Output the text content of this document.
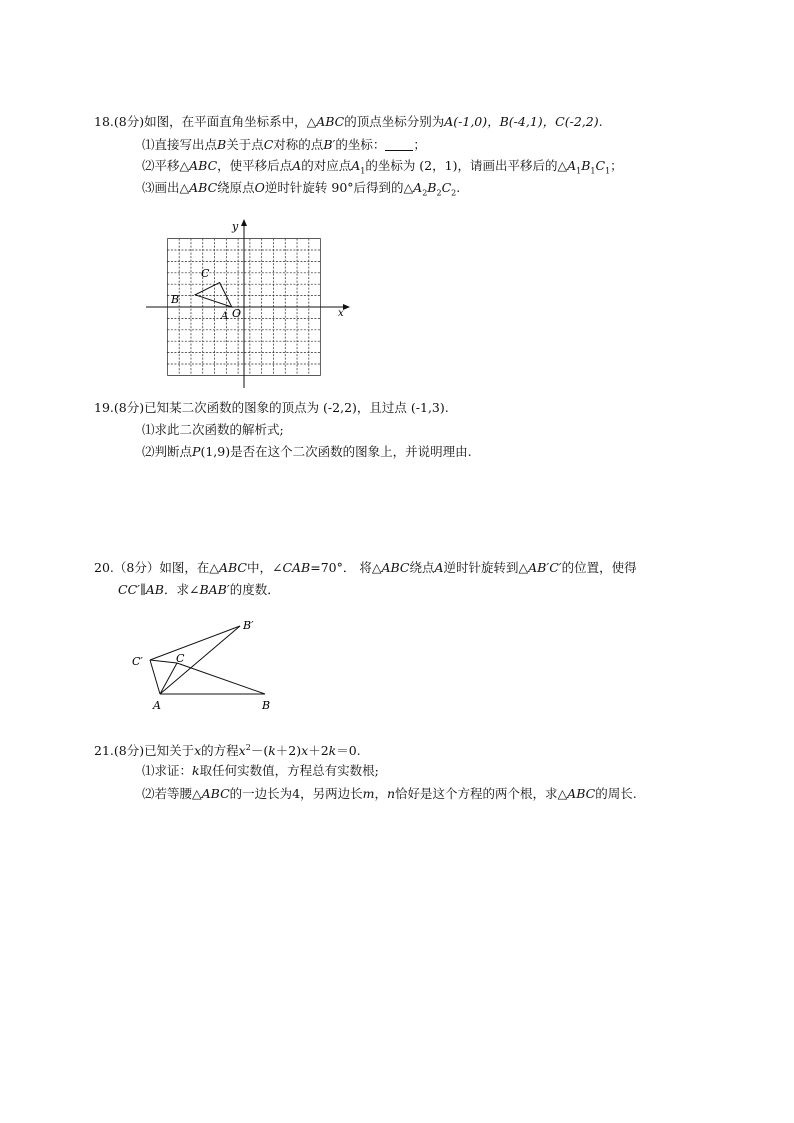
18.(8分)如图，在平面直角坐标系中，△ABC的顶点坐标分别为A(-1,0)，B(-4,1)，C(-2,2).
⑴直接写出点B关于点C对称的点B′的坐标： ；
⑵平移△ABC，使平移后点A的对应点$A_1$的坐标为 (2，1)，请画出平移后的$\triangle A_1B_1C_1$；
⑶画出△ABC绕原点O逆时针旋转 90°后得到的$\triangle A_2B_2C_2$.
y
x
O
A
B
C
19.(8分)已知某二次函数的图象的顶点为 (-2,2)，且过点 (-1,3).
⑴求此二次函数的解析式;
⑵判断点P(1,9)是否在这个二次函数的图象上，并说明理由.
20.（8分）如图，在△ABC中，∠CAB=70°． 将△ABC绕点A逆时针旋转到△AB′C′的位置，使得
CC′∥AB．求∠BAB′的度数．
B′
C′	C
A	B
21.(8分)已知关于x的方程$x^2-(k+2)x+2k=0$.
⑴求证：k取任何实数值，方程总有实数根;
⑵若等腰△ABC的一边长为4，另两边长m，n恰好是这个方程的两个根，求△ABC的周长.
